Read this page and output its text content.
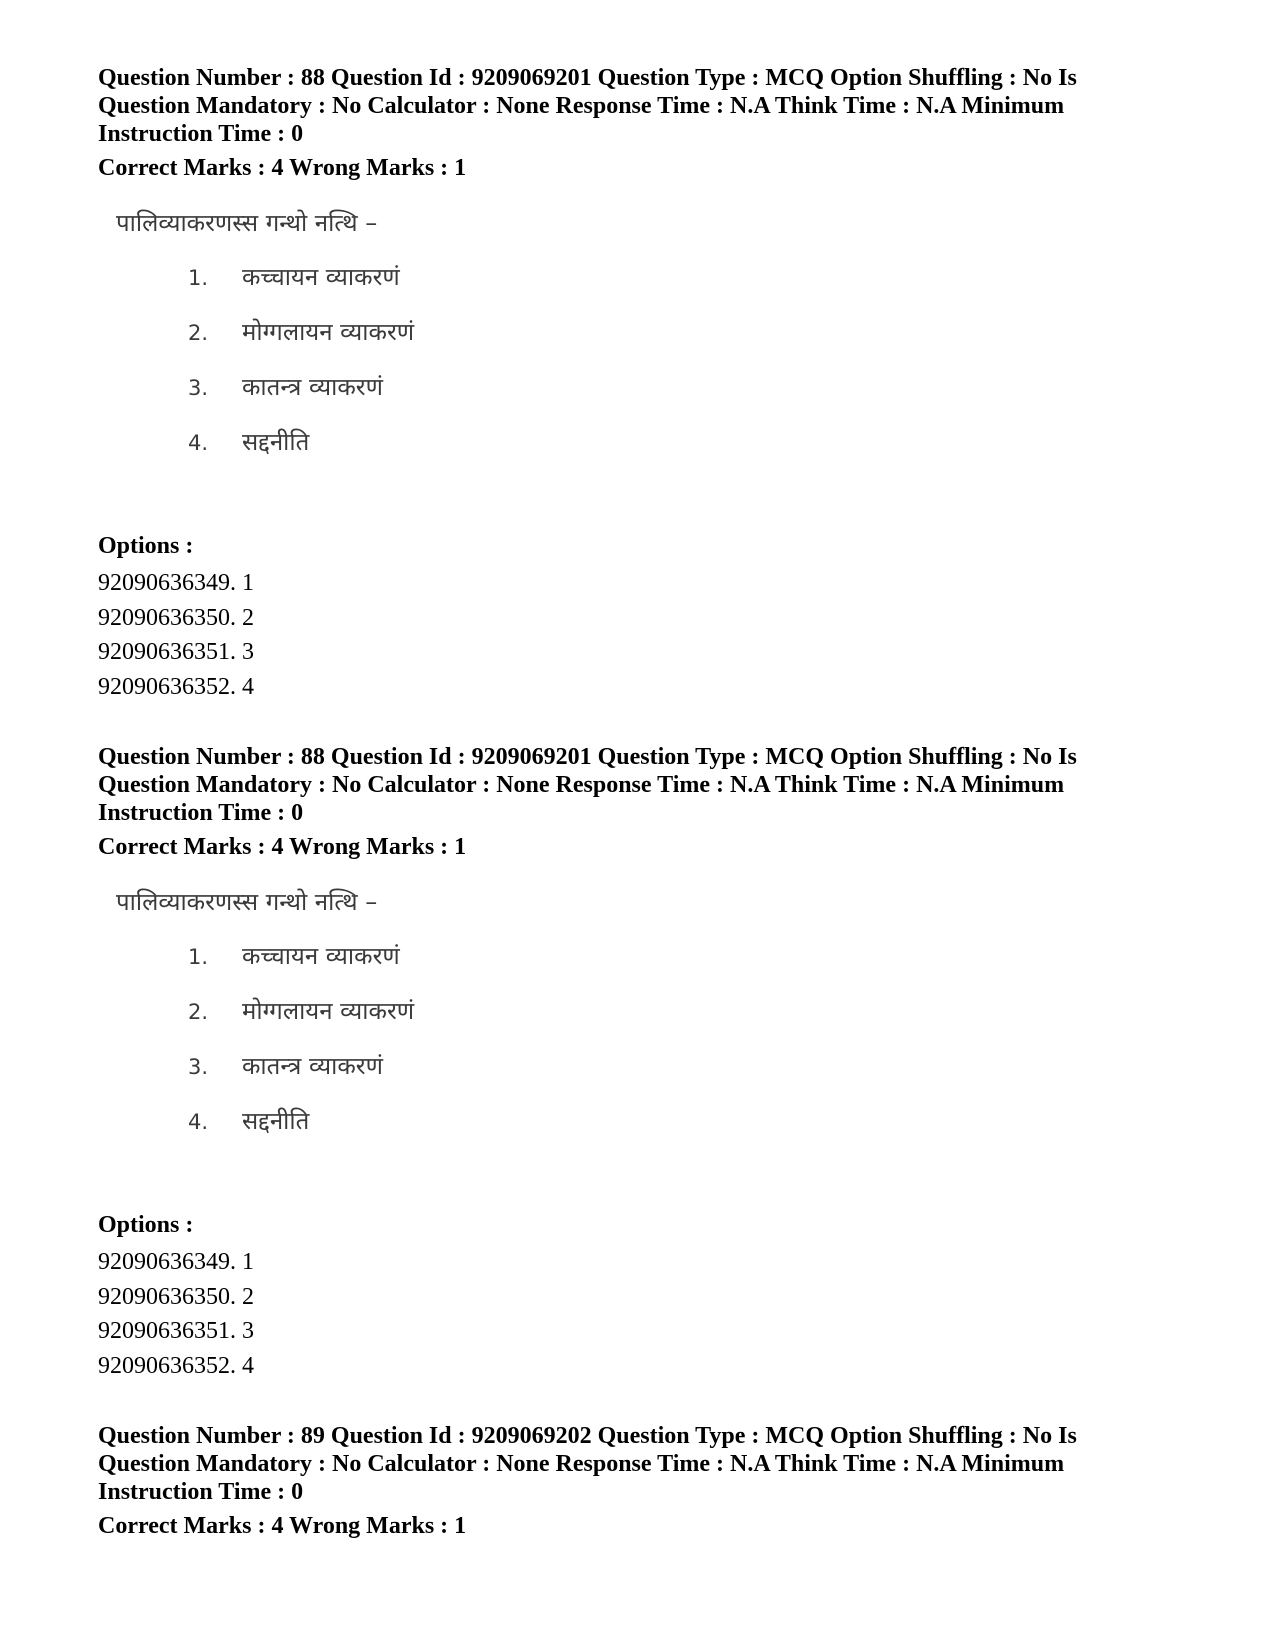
Question Number : 88 Question Id : 9209069201 Question Type : MCQ Option Shuffling : No Is

Question Mandatory : No Calculator : None Response Time : N.A Think Time : N.A Minimum

Instruction Time : 0

Correct Marks : 4 Wrong Marks : 1

पालिव्याकरणस्स गन्थो नत्थि –

1.	कच्चायन व्याकरणं
2.	मोग्गलायन व्याकरणं
3.	कातन्त्र व्याकरणं
4.	सद्दनीति

Options :

92090636349. 1
92090636350. 2
92090636351. 3
92090636352. 4

Question Number : 88 Question Id : 9209069201 Question Type : MCQ Option Shuffling : No Is

Question Mandatory : No Calculator : None Response Time : N.A Think Time : N.A Minimum

Instruction Time : 0

Correct Marks : 4 Wrong Marks : 1

पालिव्याकरणस्स गन्थो नत्थि –

1.	कच्चायन व्याकरणं
2.	मोग्गलायन व्याकरणं
3.	कातन्त्र व्याकरणं
4.	सद्दनीति

Options :

92090636349. 1
92090636350. 2
92090636351. 3
92090636352. 4

Question Number : 89 Question Id : 9209069202 Question Type : MCQ Option Shuffling : No Is

Question Mandatory : No Calculator : None Response Time : N.A Think Time : N.A Minimum

Instruction Time : 0

Correct Marks : 4 Wrong Marks : 1
